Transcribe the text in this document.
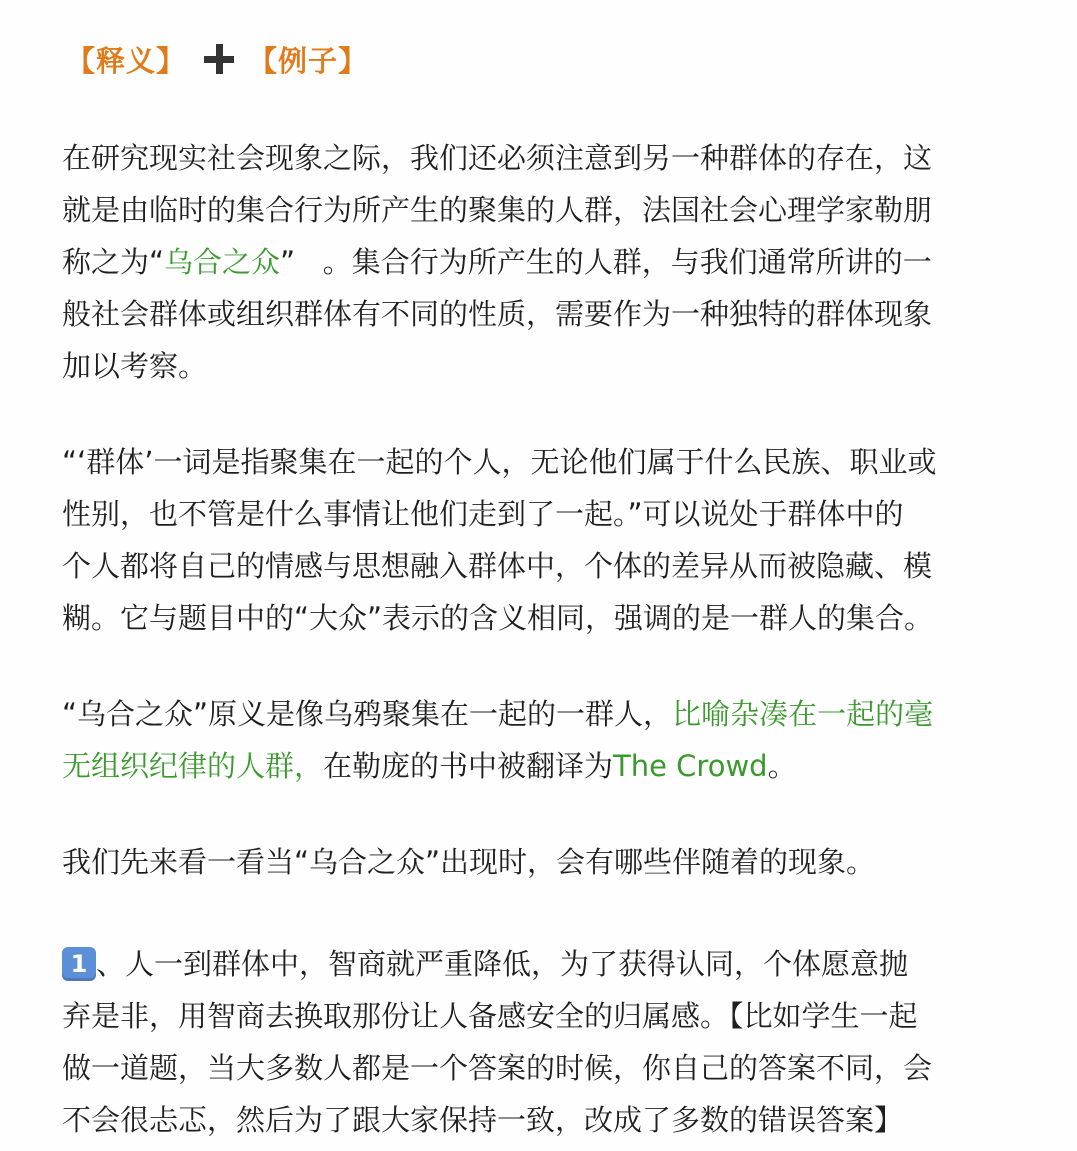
【释义】 【例子】
在研究现实社会现象之际，我们还必须注意到另一种群体的存在，这
就是由临时的集合行为所产生的聚集的人群，法国社会心理学家勒朋
称之为“乌合之众”   。集合行为所产生的人群，与我们通常所讲的一
般社会群体或组织群体有不同的性质，需要作为一种独特的群体现象
加以考察。
“‘群体’一词是指聚集在一起的个人，无论他们属于什么民族、职业或
性别，也不管是什么事情让他们走到了一起。”可以说处于群体中的
个人都将自己的情感与思想融入群体中，个体的差异从而被隐藏、模
糊。它与题目中的“大众”表示的含义相同，强调的是一群人的集合。
“乌合之众”原义是像乌鸦聚集在一起的一群人，比喻杂凑在一起的毫
无组织纪律的人群，在勒庞的书中被翻译为The Crowd。
我们先来看一看当“乌合之众”出现时，会有哪些伴随着的现象。
1 、人一到群体中，智商就严重降低，为了获得认同，个体愿意抛
弃是非，用智商去换取那份让人备感安全的归属感。【比如学生一起
做一道题，当大多数人都是一个答案的时候，你自己的答案不同，会
不会很忐忑，然后为了跟大家保持一致，改成了多数的错误答案】
